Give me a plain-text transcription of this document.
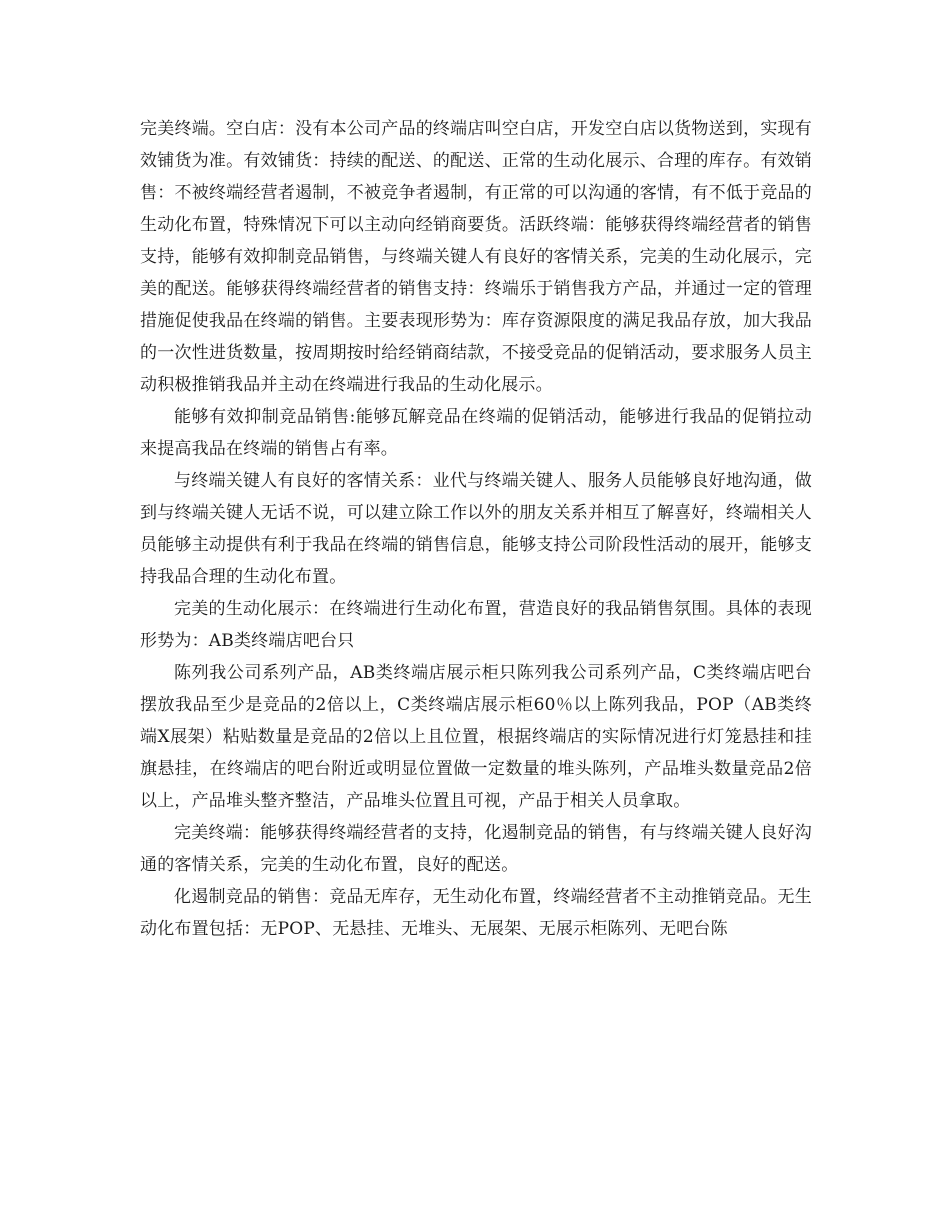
完美终端。空白店：没有本公司产品的终端店叫空白店，开发空白店以货物送到，实现有效铺货为准。有效铺货：持续的配送、的配送、正常的生动化展示、合理的库存。有效销售：不被终端经营者遏制，不被竞争者遏制，有正常的可以沟通的客情，有不低于竞品的生动化布置，特殊情况下可以主动向经销商要货。活跃终端：能够获得终端经营者的销售支持，能够有效抑制竞品销售，与终端关键人有良好的客情关系，完美的生动化展示，完美的配送。能够获得终端经营者的销售支持：终端乐于销售我方产品，并通过一定的管理措施促使我品在终端的销售。主要表现形势为：库存资源限度的满足我品存放，加大我品的一次性进货数量，按周期按时给经销商结款，不接受竞品的促销活动，要求服务人员主动积极推销我品并主动在终端进行我品的生动化展示。

能够有效抑制竞品销售:能够瓦解竞品在终端的促销活动，能够进行我品的促销拉动来提高我品在终端的销售占有率。

与终端关键人有良好的客情关系：业代与终端关键人、服务人员能够良好地沟通，做到与终端关键人无话不说，可以建立除工作以外的朋友关系并相互了解喜好，终端相关人员能够主动提供有利于我品在终端的销售信息，能够支持公司阶段性活动的展开，能够支持我品合理的生动化布置。

完美的生动化展示：在终端进行生动化布置，营造良好的我品销售氛围。具体的表现形势为：AB类终端店吧台只

陈列我公司系列产品，AB类终端店展示柜只陈列我公司系列产品，C类终端店吧台摆放我品至少是竞品的2倍以上，C类终端店展示柜60％以上陈列我品，POP（AB类终端X展架）粘贴数量是竞品的2倍以上且位置，根据终端店的实际情况进行灯笼悬挂和挂旗悬挂，在终端店的吧台附近或明显位置做一定数量的堆头陈列，产品堆头数量竞品2倍以上，产品堆头整齐整洁，产品堆头位置且可视，产品于相关人员拿取。

完美终端：能够获得终端经营者的支持，化遏制竞品的销售，有与终端关键人良好沟通的客情关系，完美的生动化布置，良好的配送。

化遏制竞品的销售：竞品无库存，无生动化布置，终端经营者不主动推销竞品。无生动化布置包括：无POP、无悬挂、无堆头、无展架、无展示柜陈列、无吧台陈
